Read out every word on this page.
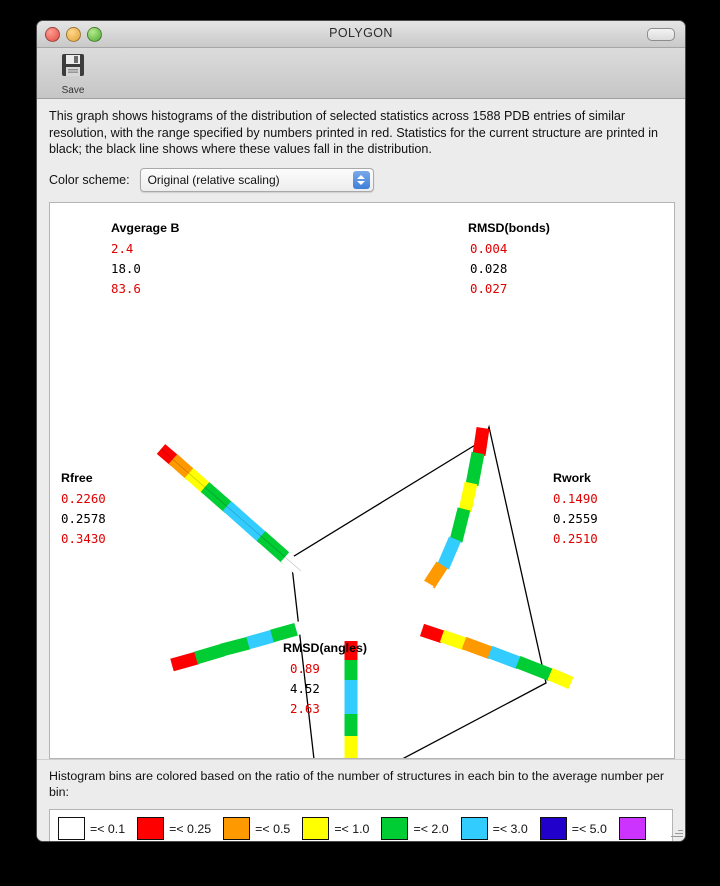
POLYGON
Save
This graph shows histograms of the distribution of selected statistics across 1588 PDB entries of similar resolution, with the range specified by numbers printed in red. Statistics for the current structure are printed in black; the black line shows where these values fall in the distribution.
Color scheme: Original (relative scaling)
Avgerage B
2.4
18.0
83.6
RMSD(bonds)
0.004
0.028
0.027
Rwork
0.1490
0.2559
0.2510
RMSD(angles)
0.89
4.52
2.63
Rfree
0.2260
0.2578
0.3430

Histogram bins are colored based on the ratio of the number of structures in each bin to the average number per bin:

=< 0.1	=< 0.25	=< 0.5	=< 1.0	=< 2.0	=< 3.0	=< 5.0
